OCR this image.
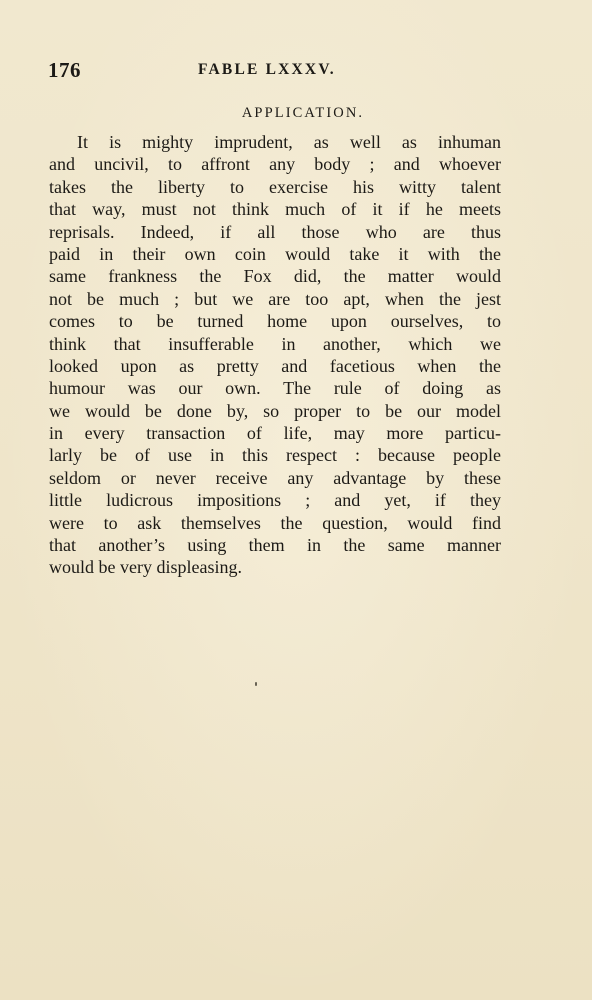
176	FABLE LXXXV.
APPLICATION.
It is mighty imprudent, as well as inhuman
and uncivil, to affront any body ; and whoever
takes the liberty to exercise his witty talent
that way, must not think much of it if he meets
reprisals. Indeed, if all those who are thus
paid in their own coin would take it with the
same frankness the Fox did, the matter would
not be much ; but we are too apt, when the jest
comes to be turned home upon ourselves, to
think that insufferable in another, which we
looked upon as pretty and facetious when the
humour was our own. The rule of doing as
we would be done by, so proper to be our model
in every transaction of life, may more particu-
larly be of use in this respect : because people
seldom or never receive any advantage by these
little ludicrous impositions ; and yet, if they
were to ask themselves the question, would find
that another’s using them in the same manner
would be very displeasing.
